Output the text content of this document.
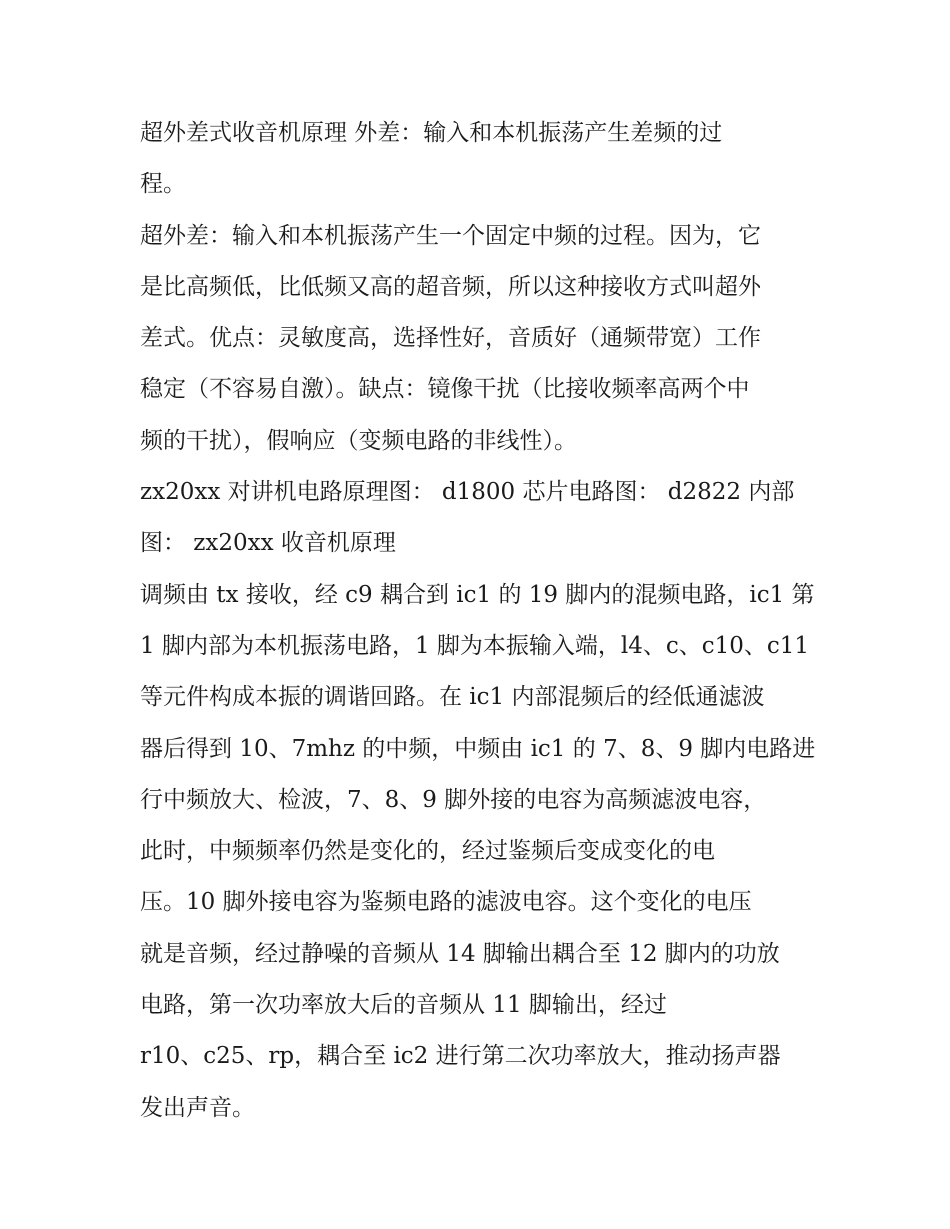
超外差式收音机原理 外差：输入和本机振荡产生差频的过
程。
超外差：输入和本机振荡产生一个固定中频的过程。因为，它
是比高频低，比低频又高的超音频，所以这种接收方式叫超外
差式。优点：灵敏度高，选择性好，音质好（通频带宽）工作
稳定（不容易自激）。缺点：镜像干扰（比接收频率高两个中
频的干扰），假响应（变频电路的非线性）。
zx20xx 对讲机电路原理图： d1800 芯片电路图： d2822 内部
图： zx20xx 收音机原理
调频由 tx 接收，经 c9 耦合到 ic1 的 19 脚内的混频电路，ic1 第
1 脚内部为本机振荡电路，1 脚为本振输入端，l4、c、c10、c11
等元件构成本振的调谐回路。在 ic1 内部混频后的经低通滤波
器后得到 10、7mhz 的中频，中频由 ic1 的 7、8、9 脚内电路进
行中频放大、检波，7、8、9 脚外接的电容为高频滤波电容，
此时，中频频率仍然是变化的，经过鉴频后变成变化的电
压。10 脚外接电容为鉴频电路的滤波电容。这个变化的电压
就是音频，经过静噪的音频从 14 脚输出耦合至 12 脚内的功放
电路，第一次功率放大后的音频从 11 脚输出，经过
r10、c25、rp，耦合至 ic2 进行第二次功率放大，推动扬声器
发出声音。
